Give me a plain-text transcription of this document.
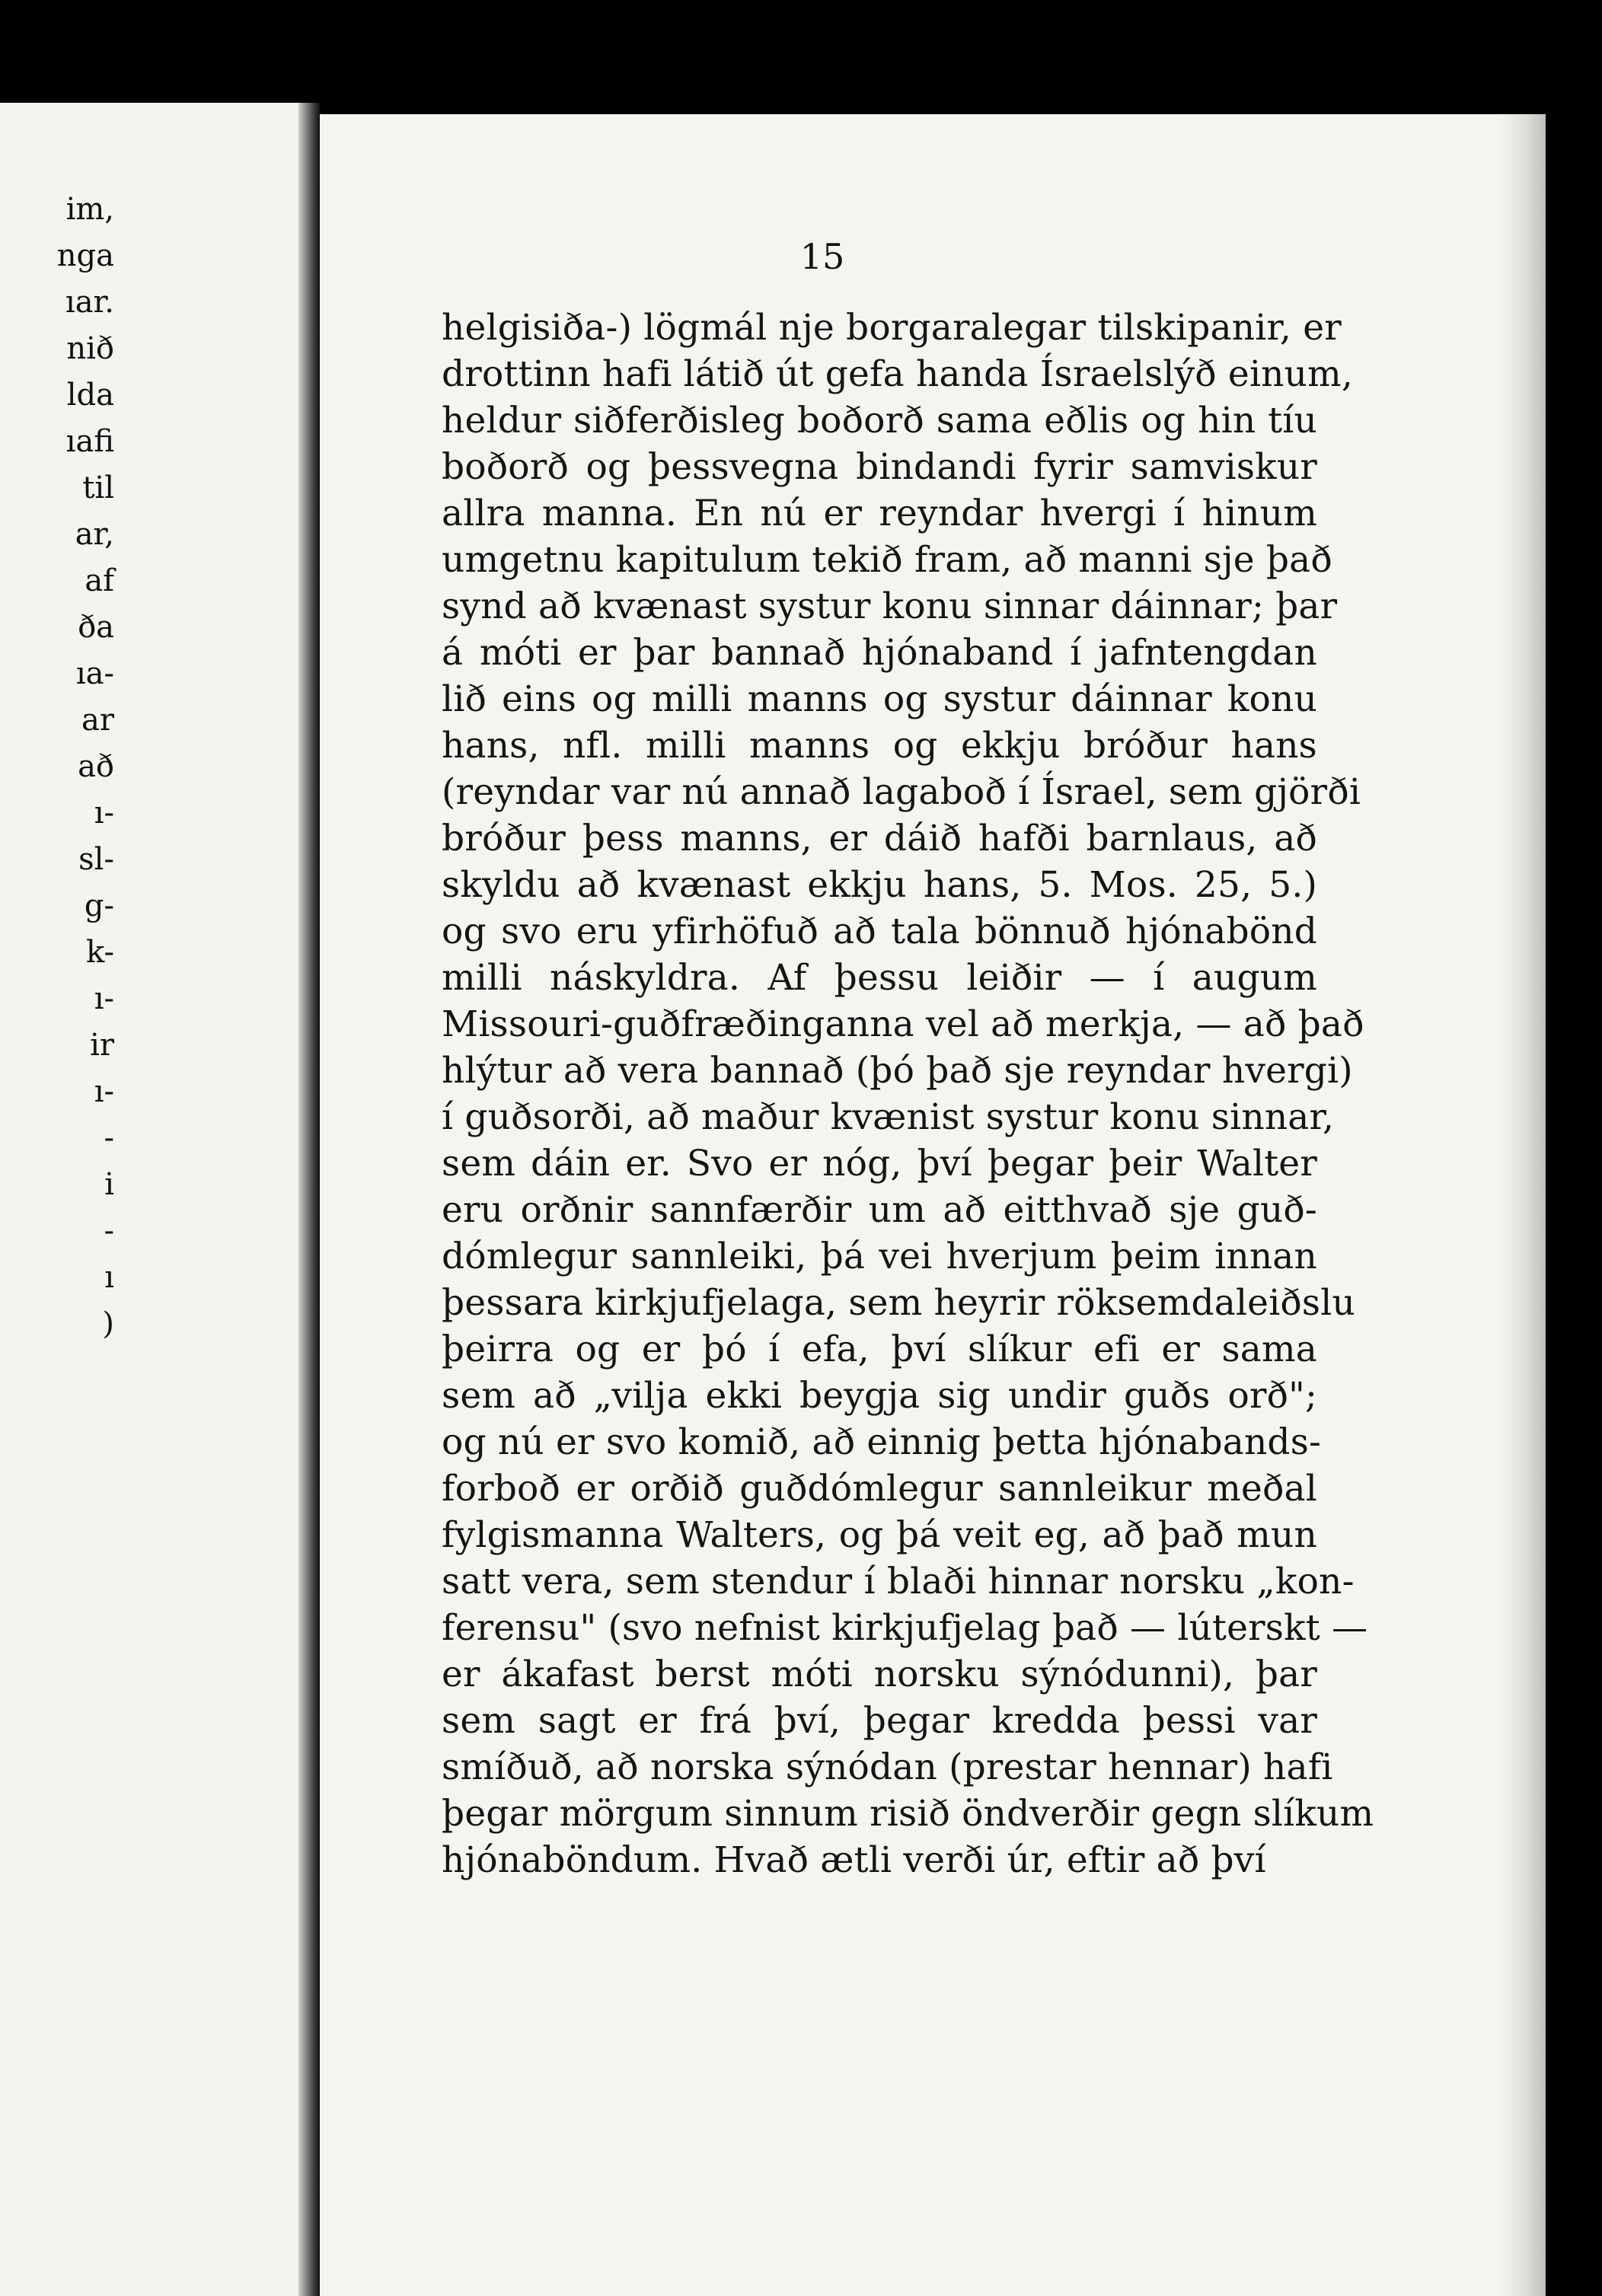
im,
nga
ıar.
nið
lda
ıafi
til
ar,
af
ða
ıa-
ar
að
ı-
sl-
g-
k-
ı-
ir
ı-
-
i
-
ı
)
15
helgisiða-) lögmál nje borgaralegar tilskipanir, er
drottinn hafi látið út gefa handa Ísraelslýð einum,
heldur siðferðisleg boðorð sama eðlis og hin tíu
boðorð og þessvegna bindandi fyrir samviskur
allra manna. En nú er reyndar hvergi í hinum
umgetnu kapitulum tekið fram, að manni sje það
synd að kvænast systur konu sinnar dáinnar; þar
á móti er þar bannað hjónaband í jafntengdan
lið eins og milli manns og systur dáinnar konu
hans, nfl. milli manns og ekkju bróður hans
(reyndar var nú annað lagaboð í Ísrael, sem gjörði
bróður þess manns, er dáið hafði barnlaus, að
skyldu að kvænast ekkju hans, 5. Mos. 25, 5.)
og svo eru yfirhöfuð að tala bönnuð hjónabönd
milli náskyldra. Af þessu leiðir — í augum
Missouri-guðfræðinganna vel að merkja, — að það
hlýtur að vera bannað (þó það sje reyndar hvergi)
í guðsorði, að maður kvænist systur konu sinnar,
sem dáin er. Svo er nóg, því þegar þeir Walter
eru orðnir sannfærðir um að eitthvað sje guð-
dómlegur sannleiki, þá vei hverjum þeim innan
þessara kirkjufjelaga, sem heyrir röksemdaleiðslu
þeirra og er þó í efa, því slíkur efi er sama
sem að „vilja ekki beygja sig undir guðs orð";
og nú er svo komið, að einnig þetta hjónabands-
forboð er orðið guðdómlegur sannleikur meðal
fylgismanna Walters, og þá veit eg, að það mun
satt vera, sem stendur í blaði hinnar norsku „kon-
ferensu" (svo nefnist kirkjufjelag það — lúterskt —
er ákafast berst móti norsku sýnódunni), þar
sem sagt er frá því, þegar kredda þessi var
smíðuð, að norska sýnódan (prestar hennar) hafi
þegar mörgum sinnum risið öndverðir gegn slíkum
hjónaböndum. Hvað ætli verði úr, eftir að því
